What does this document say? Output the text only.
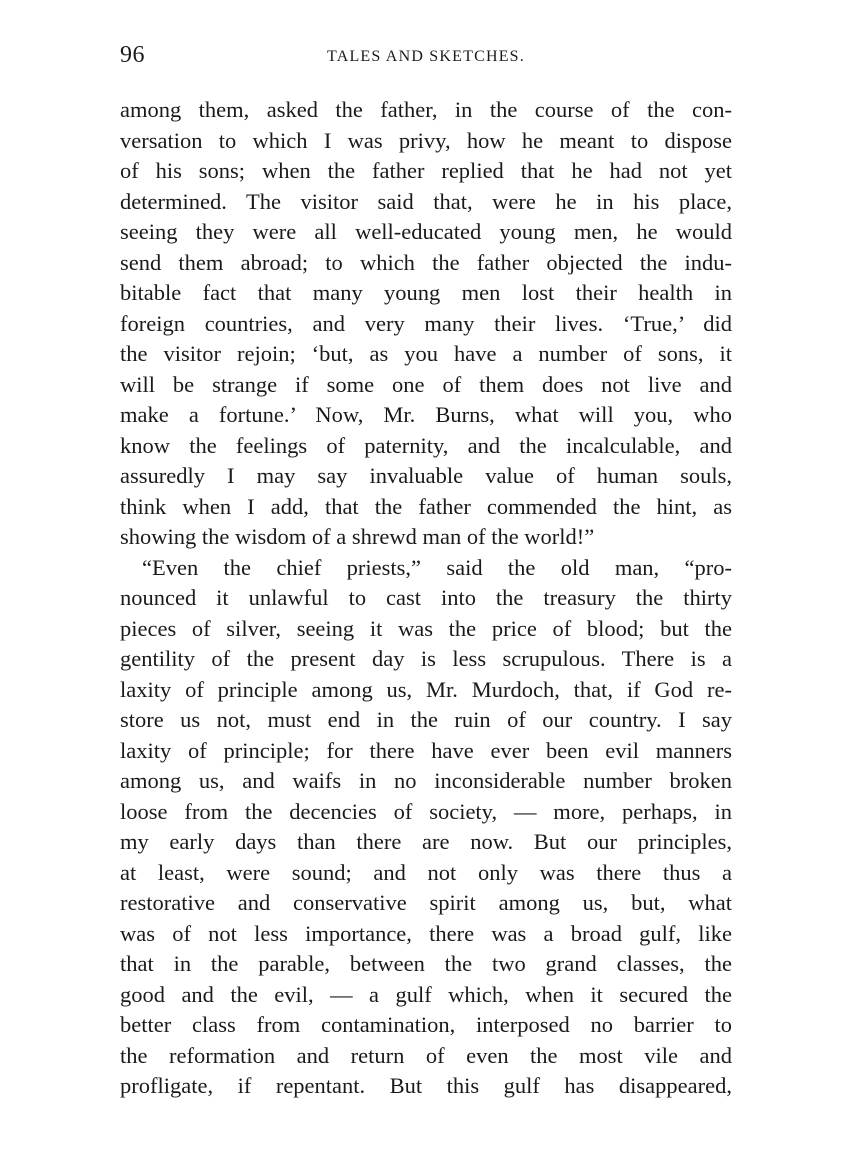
96	TALES AND SKETCHES.
among them, asked the father, in the course of the con-
versation to which I was privy, how he meant to dispose
of his sons; when the father replied that he had not yet
determined. The visitor said that, were he in his place,
seeing they were all well-educated young men, he would
send them abroad; to which the father objected the indu-
bitable fact that many young men lost their health in
foreign countries, and very many their lives. ‘True,’ did
the visitor rejoin; ‘but, as you have a number of sons, it
will be strange if some one of them does not live and
make a fortune.’ Now, Mr. Burns, what will you, who
know the feelings of paternity, and the incalculable, and
assuredly I may say invaluable value of human souls,
think when I add, that the father commended the hint, as
showing the wisdom of a shrewd man of the world!”
“Even the chief priests,” said the old man, “pro-
nounced it unlawful to cast into the treasury the thirty
pieces of silver, seeing it was the price of blood; but the
gentility of the present day is less scrupulous. There is a
laxity of principle among us, Mr. Murdoch, that, if God re-
store us not, must end in the ruin of our country. I say
laxity of principle; for there have ever been evil manners
among us, and waifs in no inconsiderable number broken
loose from the decencies of society, — more, perhaps, in
my early days than there are now. But our principles,
at least, were sound; and not only was there thus a
restorative and conservative spirit among us, but, what
was of not less importance, there was a broad gulf, like
that in the parable, between the two grand classes, the
good and the evil, — a gulf which, when it secured the
better class from contamination, interposed no barrier to
the reformation and return of even the most vile and
profligate, if repentant. But this gulf has disappeared,
